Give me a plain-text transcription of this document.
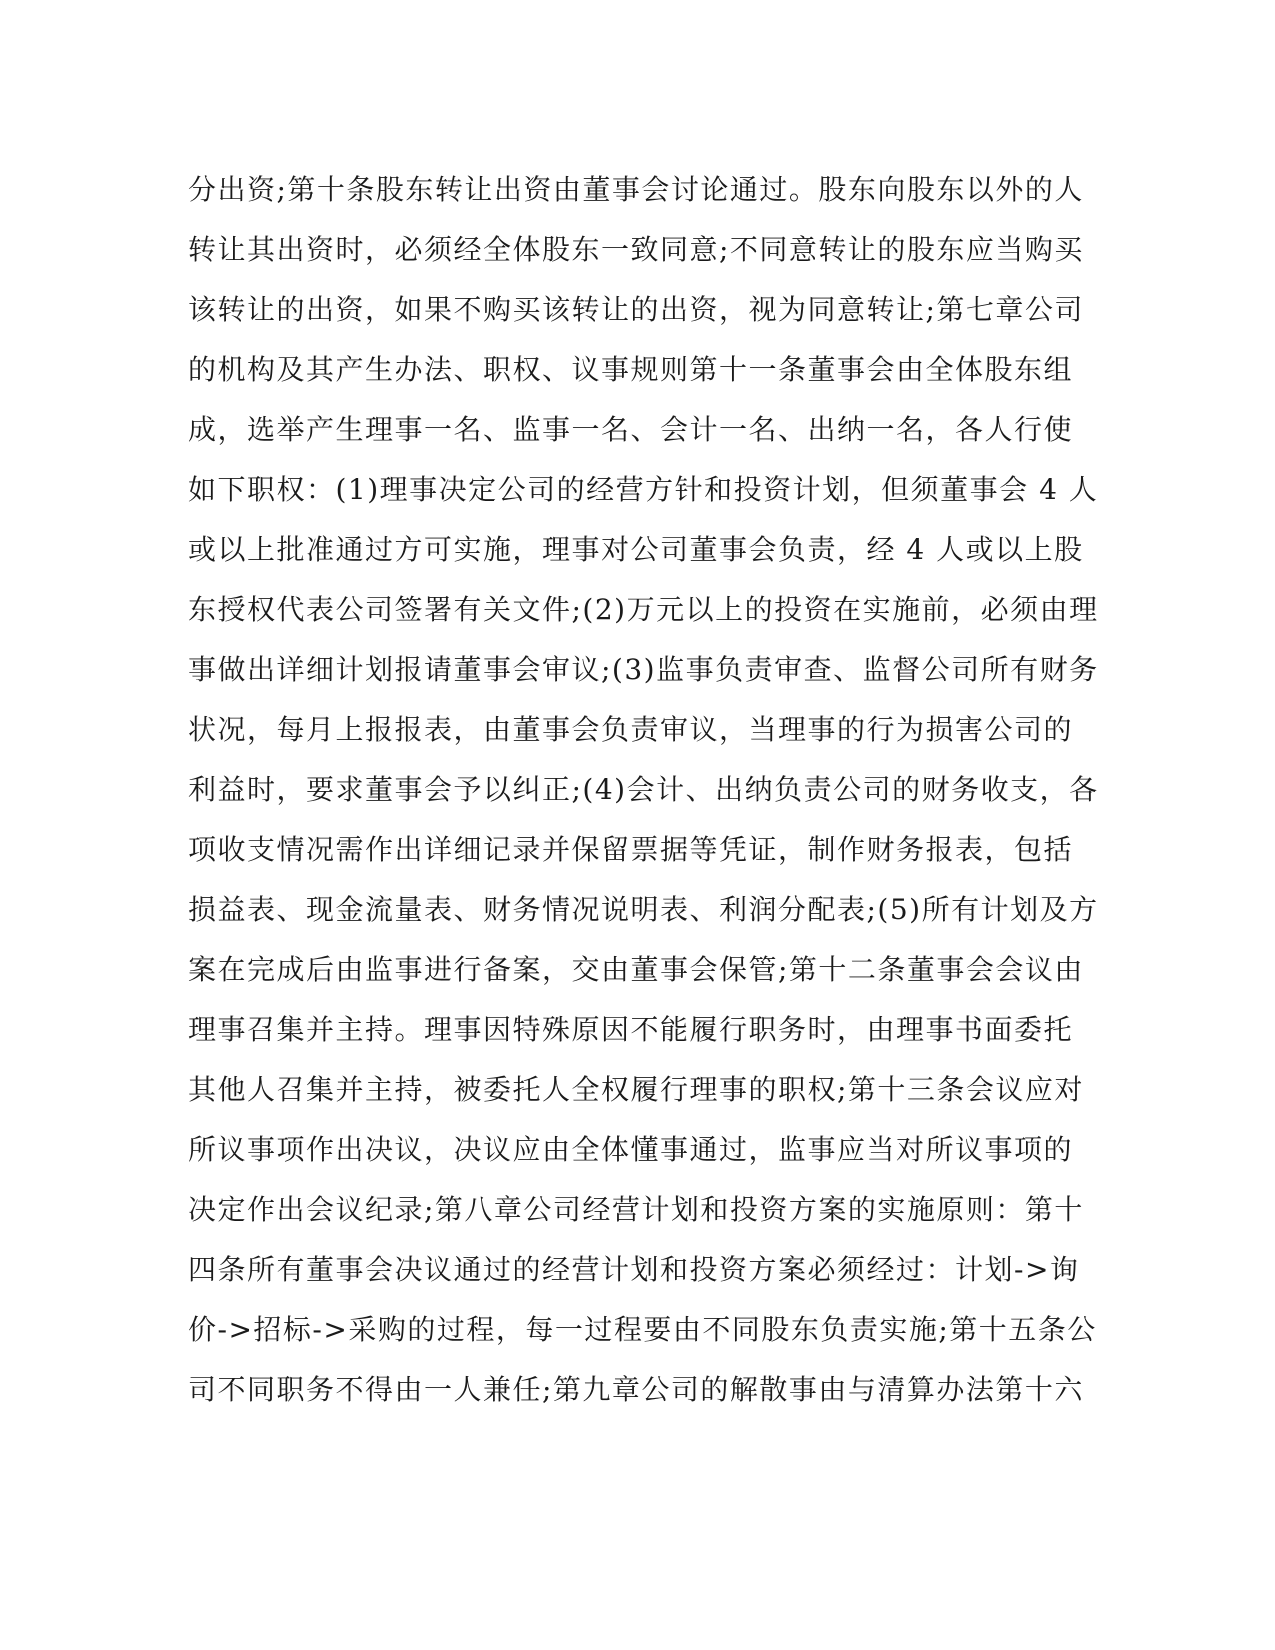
分出资;第十条股东转让出资由董事会讨论通过。股东向股东以外的人
转让其出资时，必须经全体股东一致同意;不同意转让的股东应当购买
该转让的出资，如果不购买该转让的出资，视为同意转让;第七章公司
的机构及其产生办法、职权、议事规则第十一条董事会由全体股东组
成，选举产生理事一名、监事一名、会计一名、出纳一名，各人行使
如下职权：(1)理事决定公司的经营方针和投资计划，但须董事会 4 人
或以上批准通过方可实施，理事对公司董事会负责，经 4 人或以上股
东授权代表公司签署有关文件;(2)万元以上的投资在实施前，必须由理
事做出详细计划报请董事会审议;(3)监事负责审查、监督公司所有财务
状况，每月上报报表，由董事会负责审议，当理事的行为损害公司的
利益时，要求董事会予以纠正;(4)会计、出纳负责公司的财务收支，各
项收支情况需作出详细记录并保留票据等凭证，制作财务报表，包括
损益表、现金流量表、财务情况说明表、利润分配表;(5)所有计划及方
案在完成后由监事进行备案，交由董事会保管;第十二条董事会会议由
理事召集并主持。理事因特殊原因不能履行职务时，由理事书面委托
其他人召集并主持，被委托人全权履行理事的职权;第十三条会议应对
所议事项作出决议，决议应由全体懂事通过，监事应当对所议事项的
决定作出会议纪录;第八章公司经营计划和投资方案的实施原则：第十
四条所有董事会决议通过的经营计划和投资方案必须经过：计划->询
价->招标->采购的过程，每一过程要由不同股东负责实施;第十五条公
司不同职务不得由一人兼任;第九章公司的解散事由与清算办法第十六
